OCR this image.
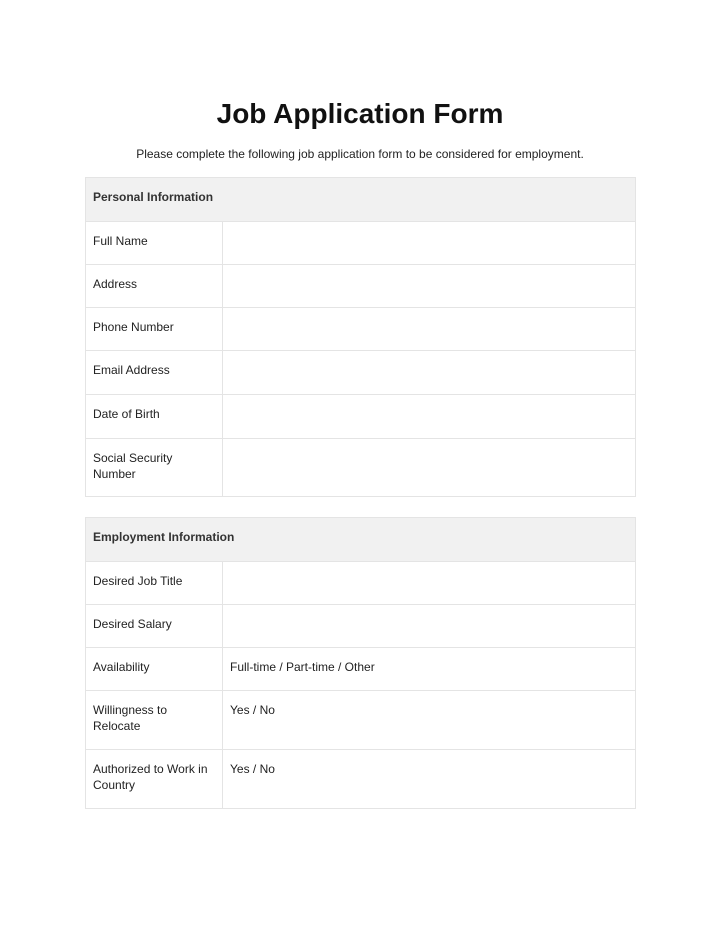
Job Application Form
Please complete the following job application form to be considered for employment.
Personal Information
Full Name
Address
Phone Number
Email Address
Date of Birth
Social Security Number
Employment Information
Desired Job Title
Desired Salary
Availability	Full-time / Part-time / Other
Willingness to Relocate
Yes / No
Authorized to Work in Country
Yes / No
